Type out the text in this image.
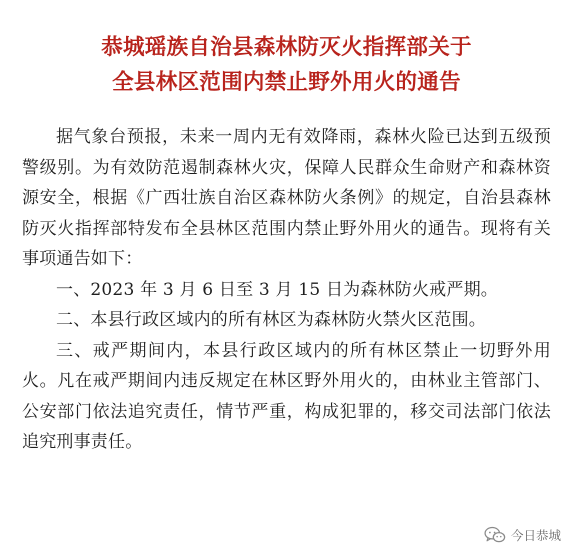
恭城瑶族自治县森林防灭火指挥部关于
全县林区范围内禁止野外用火的通告

据气象台预报，未来一周内无有效降雨，森林火险已达到五级预警级别。为有效防范遏制森林火灾，保障人民群众生命财产和森林资源安全，根据《广西壮族自治区森林防火条例》的规定，自治县森林防灭火指挥部特发布全县林区范围内禁止野外用火的通告。现将有关事项通告如下：

一、2023 年 3 月 6 日至 3 月 15 日为森林防火戒严期。

二、本县行政区域内的所有林区为森林防火禁火区范围。

三、戒严期间内，本县行政区域内的所有林区禁止一切野外用火。凡在戒严期间内违反规定在林区野外用火的，由林业主管部门、公安部门依法追究责任，情节严重，构成犯罪的，移交司法部门依法追究刑事责任。

今日恭城
